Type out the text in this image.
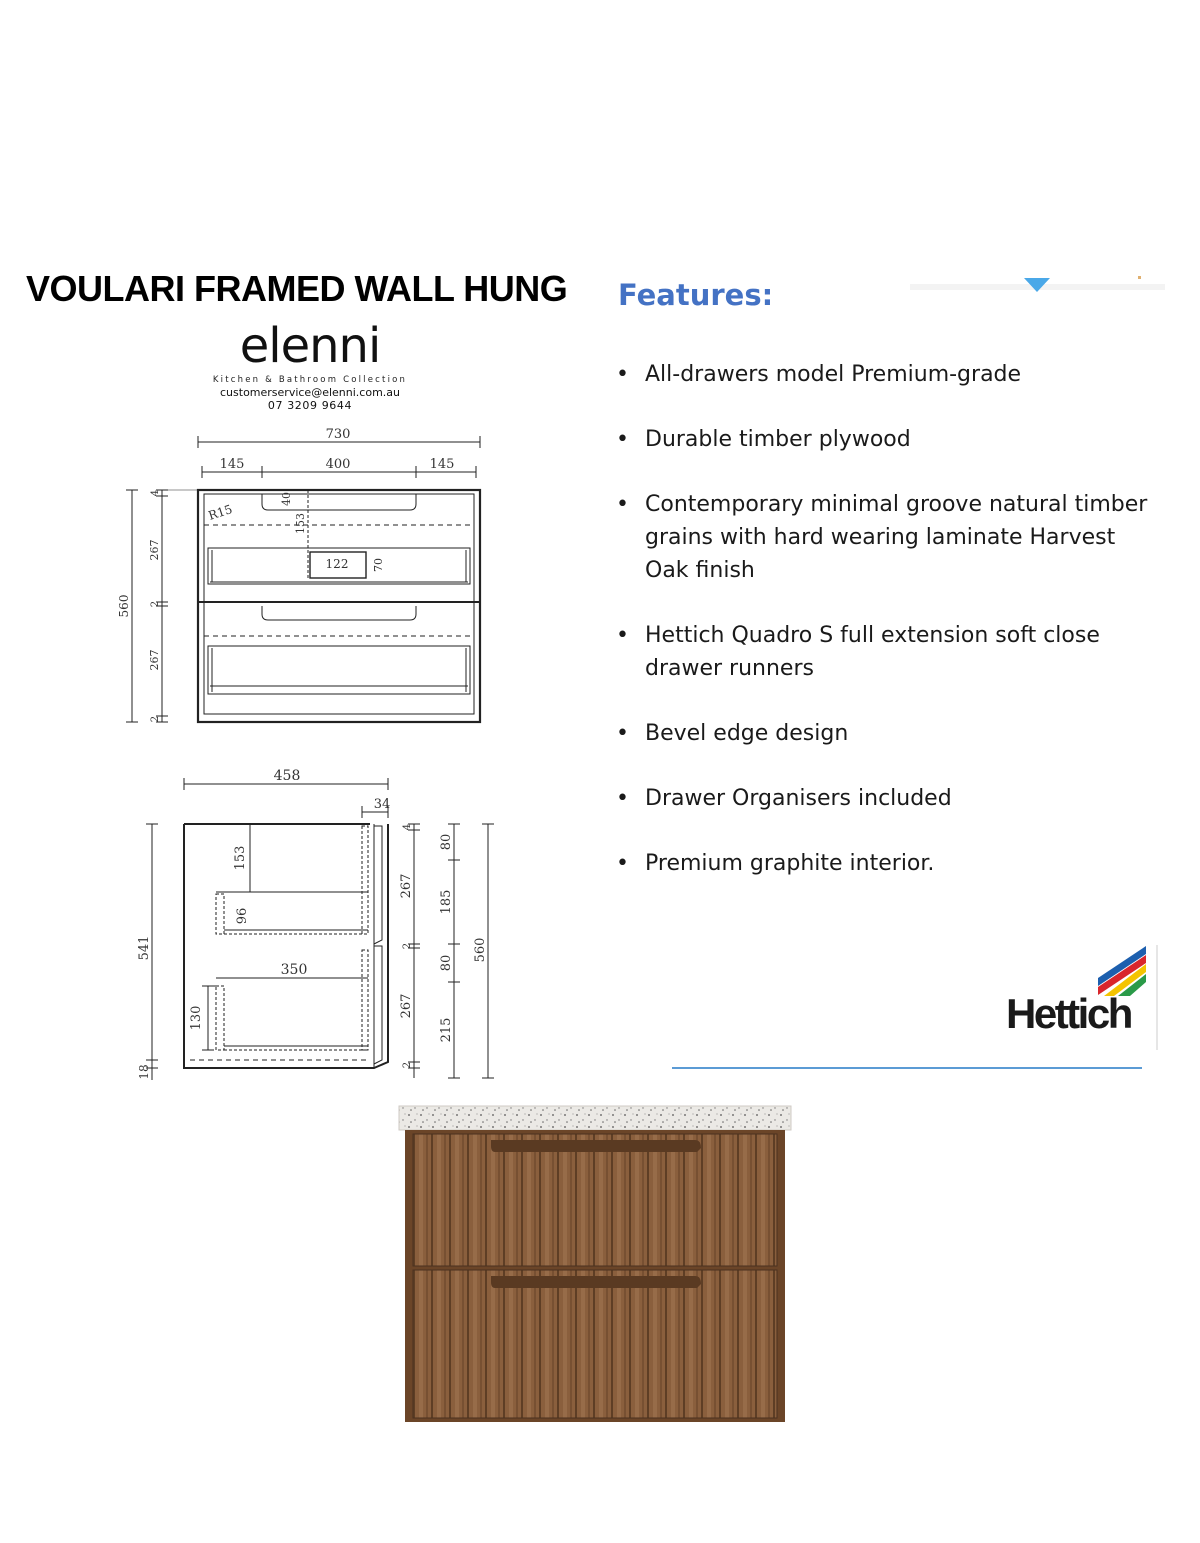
VOULARI FRAMED WALL HUNG
elenni
Kitchen & Bathroom Collection
customerservice@elenni.com.au
07 3209 9644
Features:
• All-drawers model Premium-grade
• Durable timber plywood
• Contemporary minimal groove natural timber grains with hard wearing laminate Harvest Oak finish
• Hettich Quadro S full extension soft close drawer runners
• Bevel edge design
• Drawer Organisers included
• Premium graphite interior.
Hettich
730
145	400	145
R15
40
153
122 70
560
4
267
2
267
2
458
34
153
96
350
130
541
18
4
267
2
267
2
80
185
80
215
560
